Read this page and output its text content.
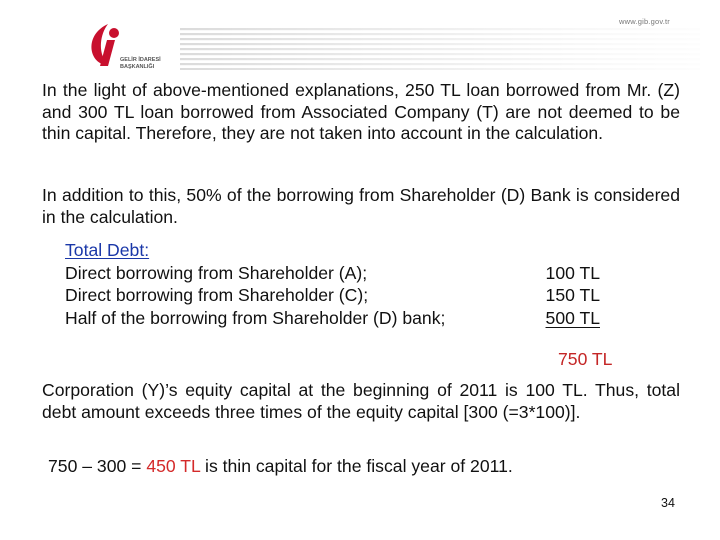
GELİR İDARESİ
BAŞKANLIĞI
www.gib.gov.tr

In the light of above-mentioned explanations, 250 TL loan borrowed from Mr. (Z) and 300 TL loan borrowed from Associated Company (T) are not deemed to be thin capital. Therefore, they are not taken into account in the calculation.

In addition to this, 50% of the borrowing from Shareholder (D) Bank is considered in the calculation.

Total Debt:
Direct borrowing from Shareholder (A);	100 TL
Direct borrowing from Shareholder (C);	150 TL
Half of the borrowing from Shareholder (D) bank;	500 TL
750 TL

Corporation (Y)’s equity capital at the beginning of 2011 is 100 TL. Thus, total debt amount exceeds three times of the equity capital [300 (=3*100)].

750 – 300 = 450 TL is thin capital for the fiscal year of 2011.
34
